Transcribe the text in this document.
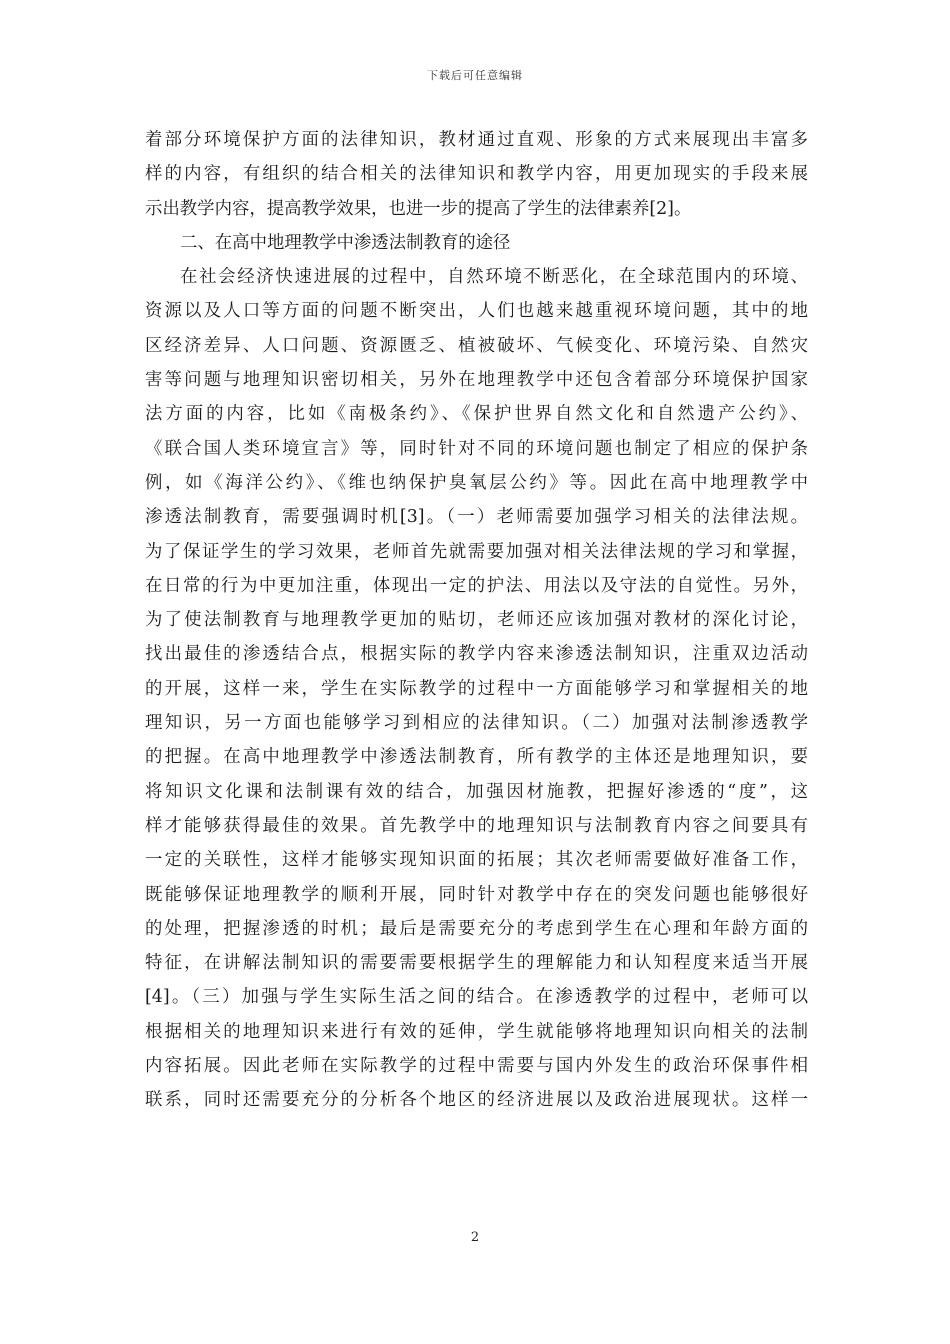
下载后可任意编辑
着部分环境保护方面的法律知识，教材通过直观、形象的方式来展现出丰富多
样的内容，有组织的结合相关的法律知识和教学内容，用更加现实的手段来展
示出教学内容，提高教学效果，也进一步的提高了学生的法律素养[2]。
二、在高中地理教学中渗透法制教育的途径
在社会经济快速进展的过程中，自然环境不断恶化，在全球范围内的环境、
资源以及人口等方面的问题不断突出，人们也越来越重视环境问题，其中的地
区经济差异、人口问题、资源匮乏、植被破坏、气候变化、环境污染、自然灾
害等问题与地理知识密切相关，另外在地理教学中还包含着部分环境保护国家
法方面的内容，比如《南极条约》、《保护世界自然文化和自然遗产公约》、
《联合国人类环境宣言》等，同时针对不同的环境问题也制定了相应的保护条
例，如《海洋公约》、《维也纳保护臭氧层公约》等。因此在高中地理教学中
渗透法制教育，需要强调时机[3]。（一）老师需要加强学习相关的法律法规。
为了保证学生的学习效果，老师首先就需要加强对相关法律法规的学习和掌握，
在日常的行为中更加注重，体现出一定的护法、用法以及守法的自觉性。另外，
为了使法制教育与地理教学更加的贴切，老师还应该加强对教材的深化讨论，
找出最佳的渗透结合点，根据实际的教学内容来渗透法制知识，注重双边活动
的开展，这样一来，学生在实际教学的过程中一方面能够学习和掌握相关的地
理知识，另一方面也能够学习到相应的法律知识。（二）加强对法制渗透教学
的把握。在高中地理教学中渗透法制教育，所有教学的主体还是地理知识，要
将知识文化课和法制课有效的结合，加强因材施教，把握好渗透的“度”，这
样才能够获得最佳的效果。首先教学中的地理知识与法制教育内容之间要具有
一定的关联性，这样才能够实现知识面的拓展；其次老师需要做好准备工作，
既能够保证地理教学的顺利开展，同时针对教学中存在的突发问题也能够很好
的处理，把握渗透的时机；最后是需要充分的考虑到学生在心理和年龄方面的
特征，在讲解法制知识的需要需要根据学生的理解能力和认知程度来适当开展
[4]。（三）加强与学生实际生活之间的结合。在渗透教学的过程中，老师可以
根据相关的地理知识来进行有效的延伸，学生就能够将地理知识向相关的法制
内容拓展。因此老师在实际教学的过程中需要与国内外发生的政治环保事件相
联系，同时还需要充分的分析各个地区的经济进展以及政治进展现状。这样一
2
